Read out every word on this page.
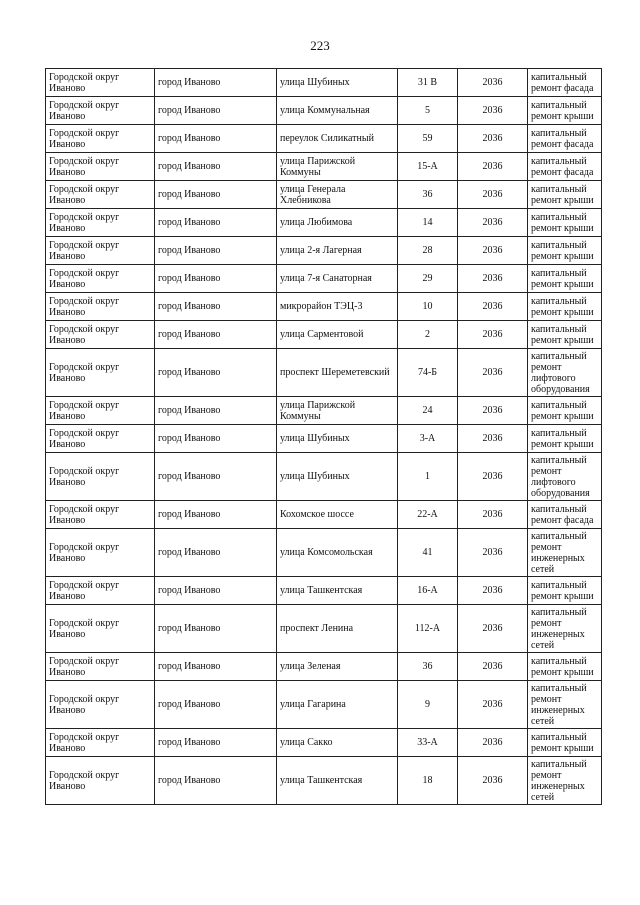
223
Городской округ Иваново	город Иваново	улица Шубиных	31 В	2036	капитальный ремонт фасада
Городской округ Иваново	город Иваново	улица Коммунальная	5	2036	капитальный ремонт крыши
Городской округ Иваново	город Иваново	переулок Силикатный	59	2036	капитальный ремонт фасада
Городской округ Иваново	город Иваново	улица Парижской Коммуны	15-А	2036	капитальный ремонт фасада
Городской округ Иваново	город Иваново	улица Генерала Хлебникова	36	2036	капитальный ремонт крыши
Городской округ Иваново	город Иваново	улица Любимова	14	2036	капитальный ремонт крыши
Городской округ Иваново	город Иваново	улица 2-я Лагерная	28	2036	капитальный ремонт крыши
Городской округ Иваново	город Иваново	улица 7-я Санаторная	29	2036	капитальный ремонт крыши
Городской округ Иваново	город Иваново	микрорайон ТЭЦ-3	10	2036	капитальный ремонт крыши
Городской округ Иваново	город Иваново	улица Сарментовой	2	2036	капитальный ремонт крыши
Городской округ Иваново	город Иваново	проспект Шереметевский	74-Б	2036	капитальный ремонт лифтового оборудования
Городской округ Иваново	город Иваново	улица Парижской Коммуны	24	2036	капитальный ремонт крыши
Городской округ Иваново	город Иваново	улица Шубиных	3-А	2036	капитальный ремонт крыши
Городской округ Иваново	город Иваново	улица Шубиных	1	2036	капитальный ремонт лифтового оборудования
Городской округ Иваново	город Иваново	Кохомское шоссе	22-А	2036	капитальный ремонт фасада
Городской округ Иваново	город Иваново	улица Комсомольская	41	2036	капитальный ремонт инженерных сетей
Городской округ Иваново	город Иваново	улица Ташкентская	16-А	2036	капитальный ремонт крыши
Городской округ Иваново	город Иваново	проспект Ленина	112-А	2036	капитальный ремонт инженерных сетей
Городской округ Иваново	город Иваново	улица Зеленая	36	2036	капитальный ремонт крыши
Городской округ Иваново	город Иваново	улица Гагарина	9	2036	капитальный ремонт инженерных сетей
Городской округ Иваново	город Иваново	улица Сакко	33-А	2036	капитальный ремонт крыши
Городской округ Иваново	город Иваново	улица Ташкентская	18	2036	капитальный ремонт инженерных сетей
